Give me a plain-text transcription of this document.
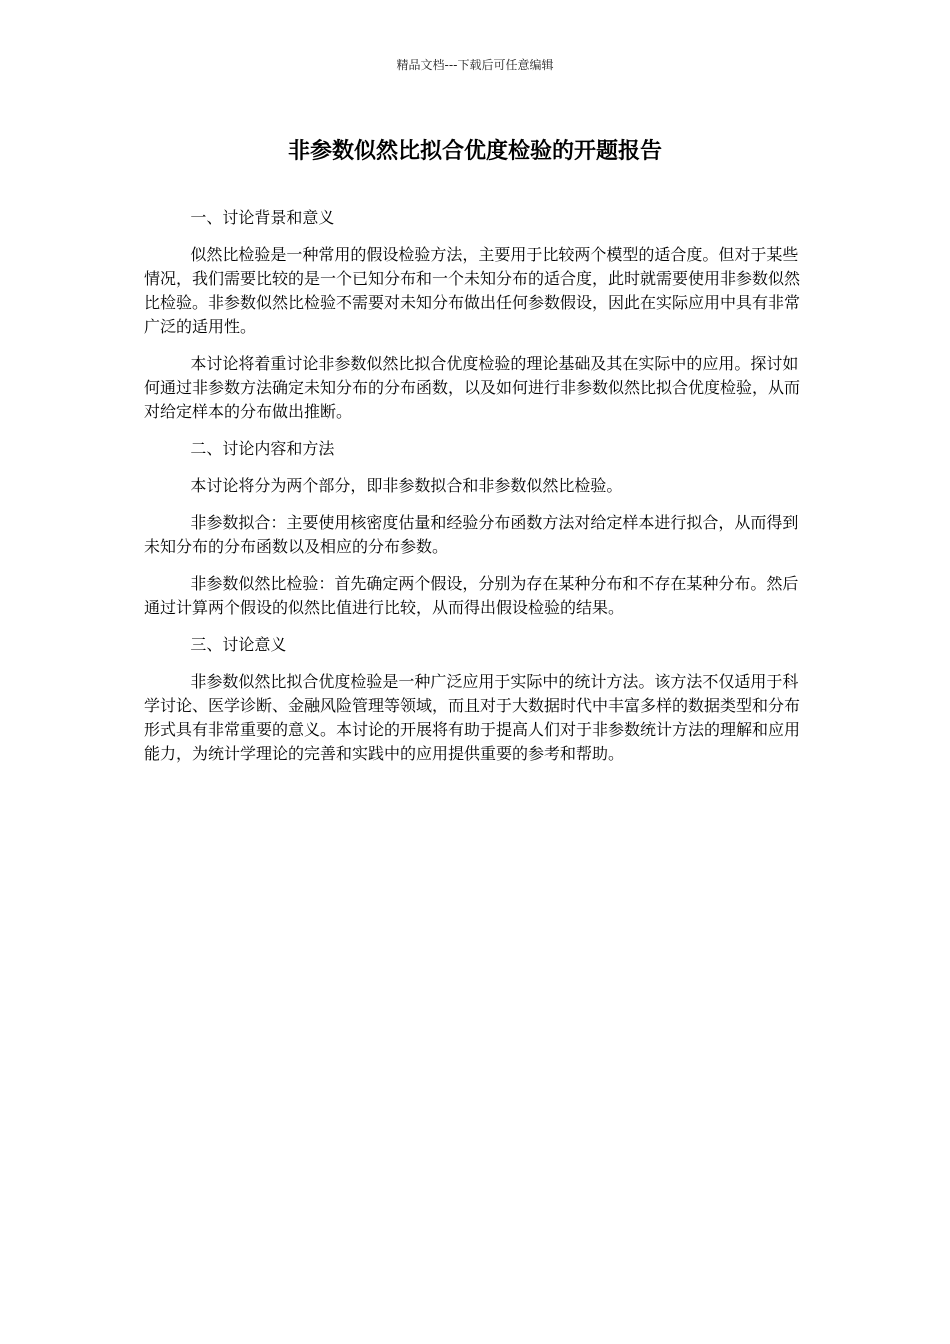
精品文档---下载后可任意编辑
非参数似然比拟合优度检验的开题报告

一、讨论背景和意义

似然比检验是一种常用的假设检验方法，主要用于比较两个模型的适合度。但对于某些情况，我们需要比较的是一个已知分布和一个未知分布的适合度，此时就需要使用非参数似然比检验。非参数似然比检验不需要对未知分布做出任何参数假设，因此在实际应用中具有非常广泛的适用性。

本讨论将着重讨论非参数似然比拟合优度检验的理论基础及其在实际中的应用。探讨如何通过非参数方法确定未知分布的分布函数，以及如何进行非参数似然比拟合优度检验，从而对给定样本的分布做出推断。

二、讨论内容和方法

本讨论将分为两个部分，即非参数拟合和非参数似然比检验。

非参数拟合：主要使用核密度估量和经验分布函数方法对给定样本进行拟合，从而得到未知分布的分布函数以及相应的分布参数。

非参数似然比检验：首先确定两个假设，分别为存在某种分布和不存在某种分布。然后通过计算两个假设的似然比值进行比较，从而得出假设检验的结果。

三、讨论意义

非参数似然比拟合优度检验是一种广泛应用于实际中的统计方法。该方法不仅适用于科学讨论、医学诊断、金融风险管理等领域，而且对于大数据时代中丰富多样的数据类型和分布形式具有非常重要的意义。本讨论的开展将有助于提高人们对于非参数统计方法的理解和应用能力，为统计学理论的完善和实践中的应用提供重要的参考和帮助。
